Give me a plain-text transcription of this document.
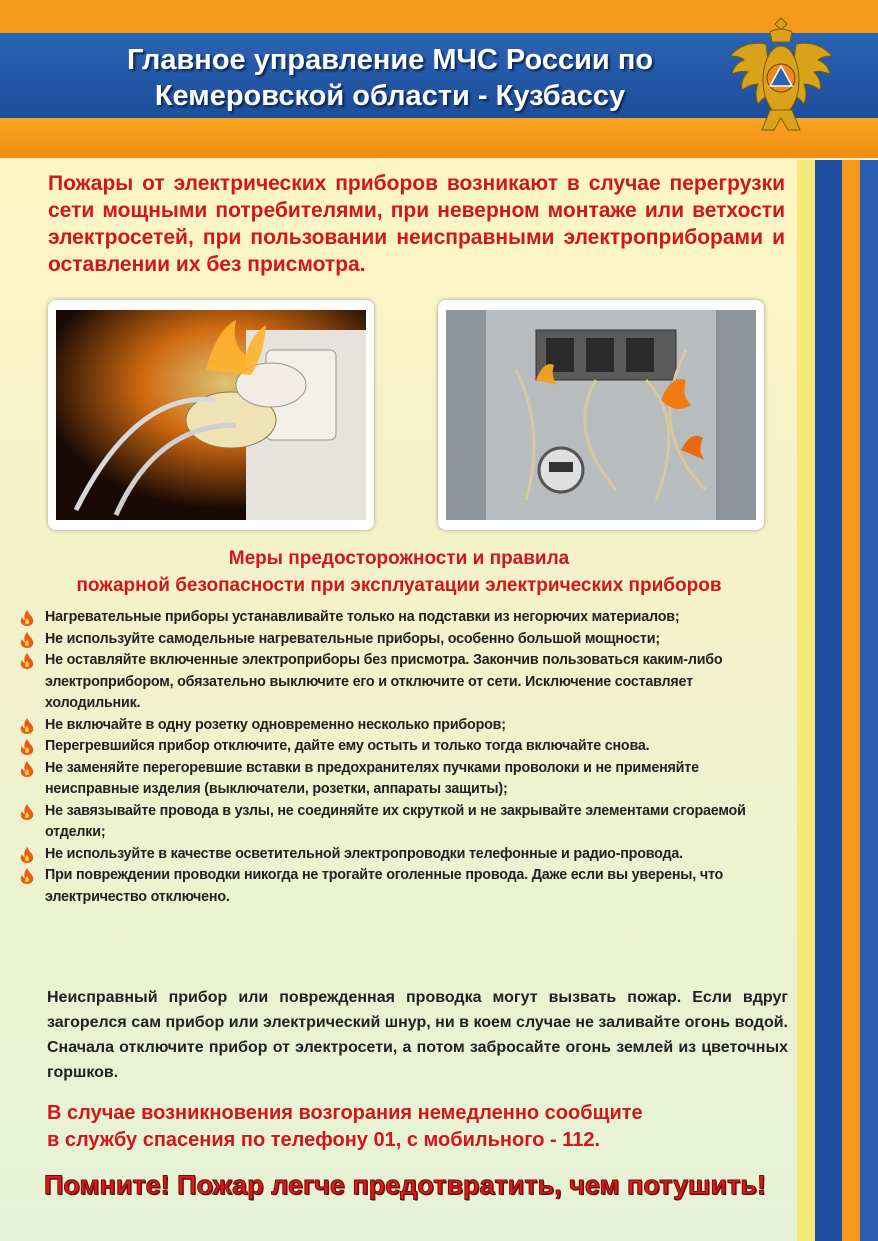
Главное управление МЧС России по
Кемеровской области - Кузбассу
Пожары от электрических приборов возникают в случае перегрузки сети мощными потребителями, при неверном монтаже или ветхости электросетей, при пользовании неисправными электроприборами и оставлении их без присмотра.
Меры предосторожности и правила
пожарной безопасности при эксплуатации электрических приборов
Нагревательные приборы устанавливайте только на подставки из негорючих материалов;
Не используйте самодельные нагревательные приборы, особенно большой мощности;
Не оставляйте включенные электроприборы без присмотра. Закончив пользоваться каким-либо электроприбором, обязательно выключите его и отключите от сети. Исключение составляет холодильник.
Не включайте в одну розетку одновременно несколько приборов;
Перегревшийся прибор отключите, дайте ему остыть и только тогда включайте снова.
Не заменяйте перегоревшие вставки в предохранителях пучками проволоки и не применяйте неисправные изделия (выключатели, розетки, аппараты защиты);
Не завязывайте провода в узлы, не соединяйте их скруткой и не закрывайте элементами сгораемой отделки;
Не используйте в качестве осветительной электропроводки телефонные и радио-провода.
При повреждении проводки никогда не трогайте оголенные провода. Даже если вы уверены, что электричество отключено.
Неисправный прибор или поврежденная проводка могут вызвать пожар. Если вдруг загорелся сам прибор или электрический шнур, ни в коем случае не заливайте огонь водой. Сначала отключите прибор от электросети, а потом забросайте огонь землей из цветочных горшков.
В случае возникновения возгорания немедленно сообщите
в службу спасения по телефону 01, с мобильного - 112.
Помните! Пожар легче предотвратить, чем потушить!
